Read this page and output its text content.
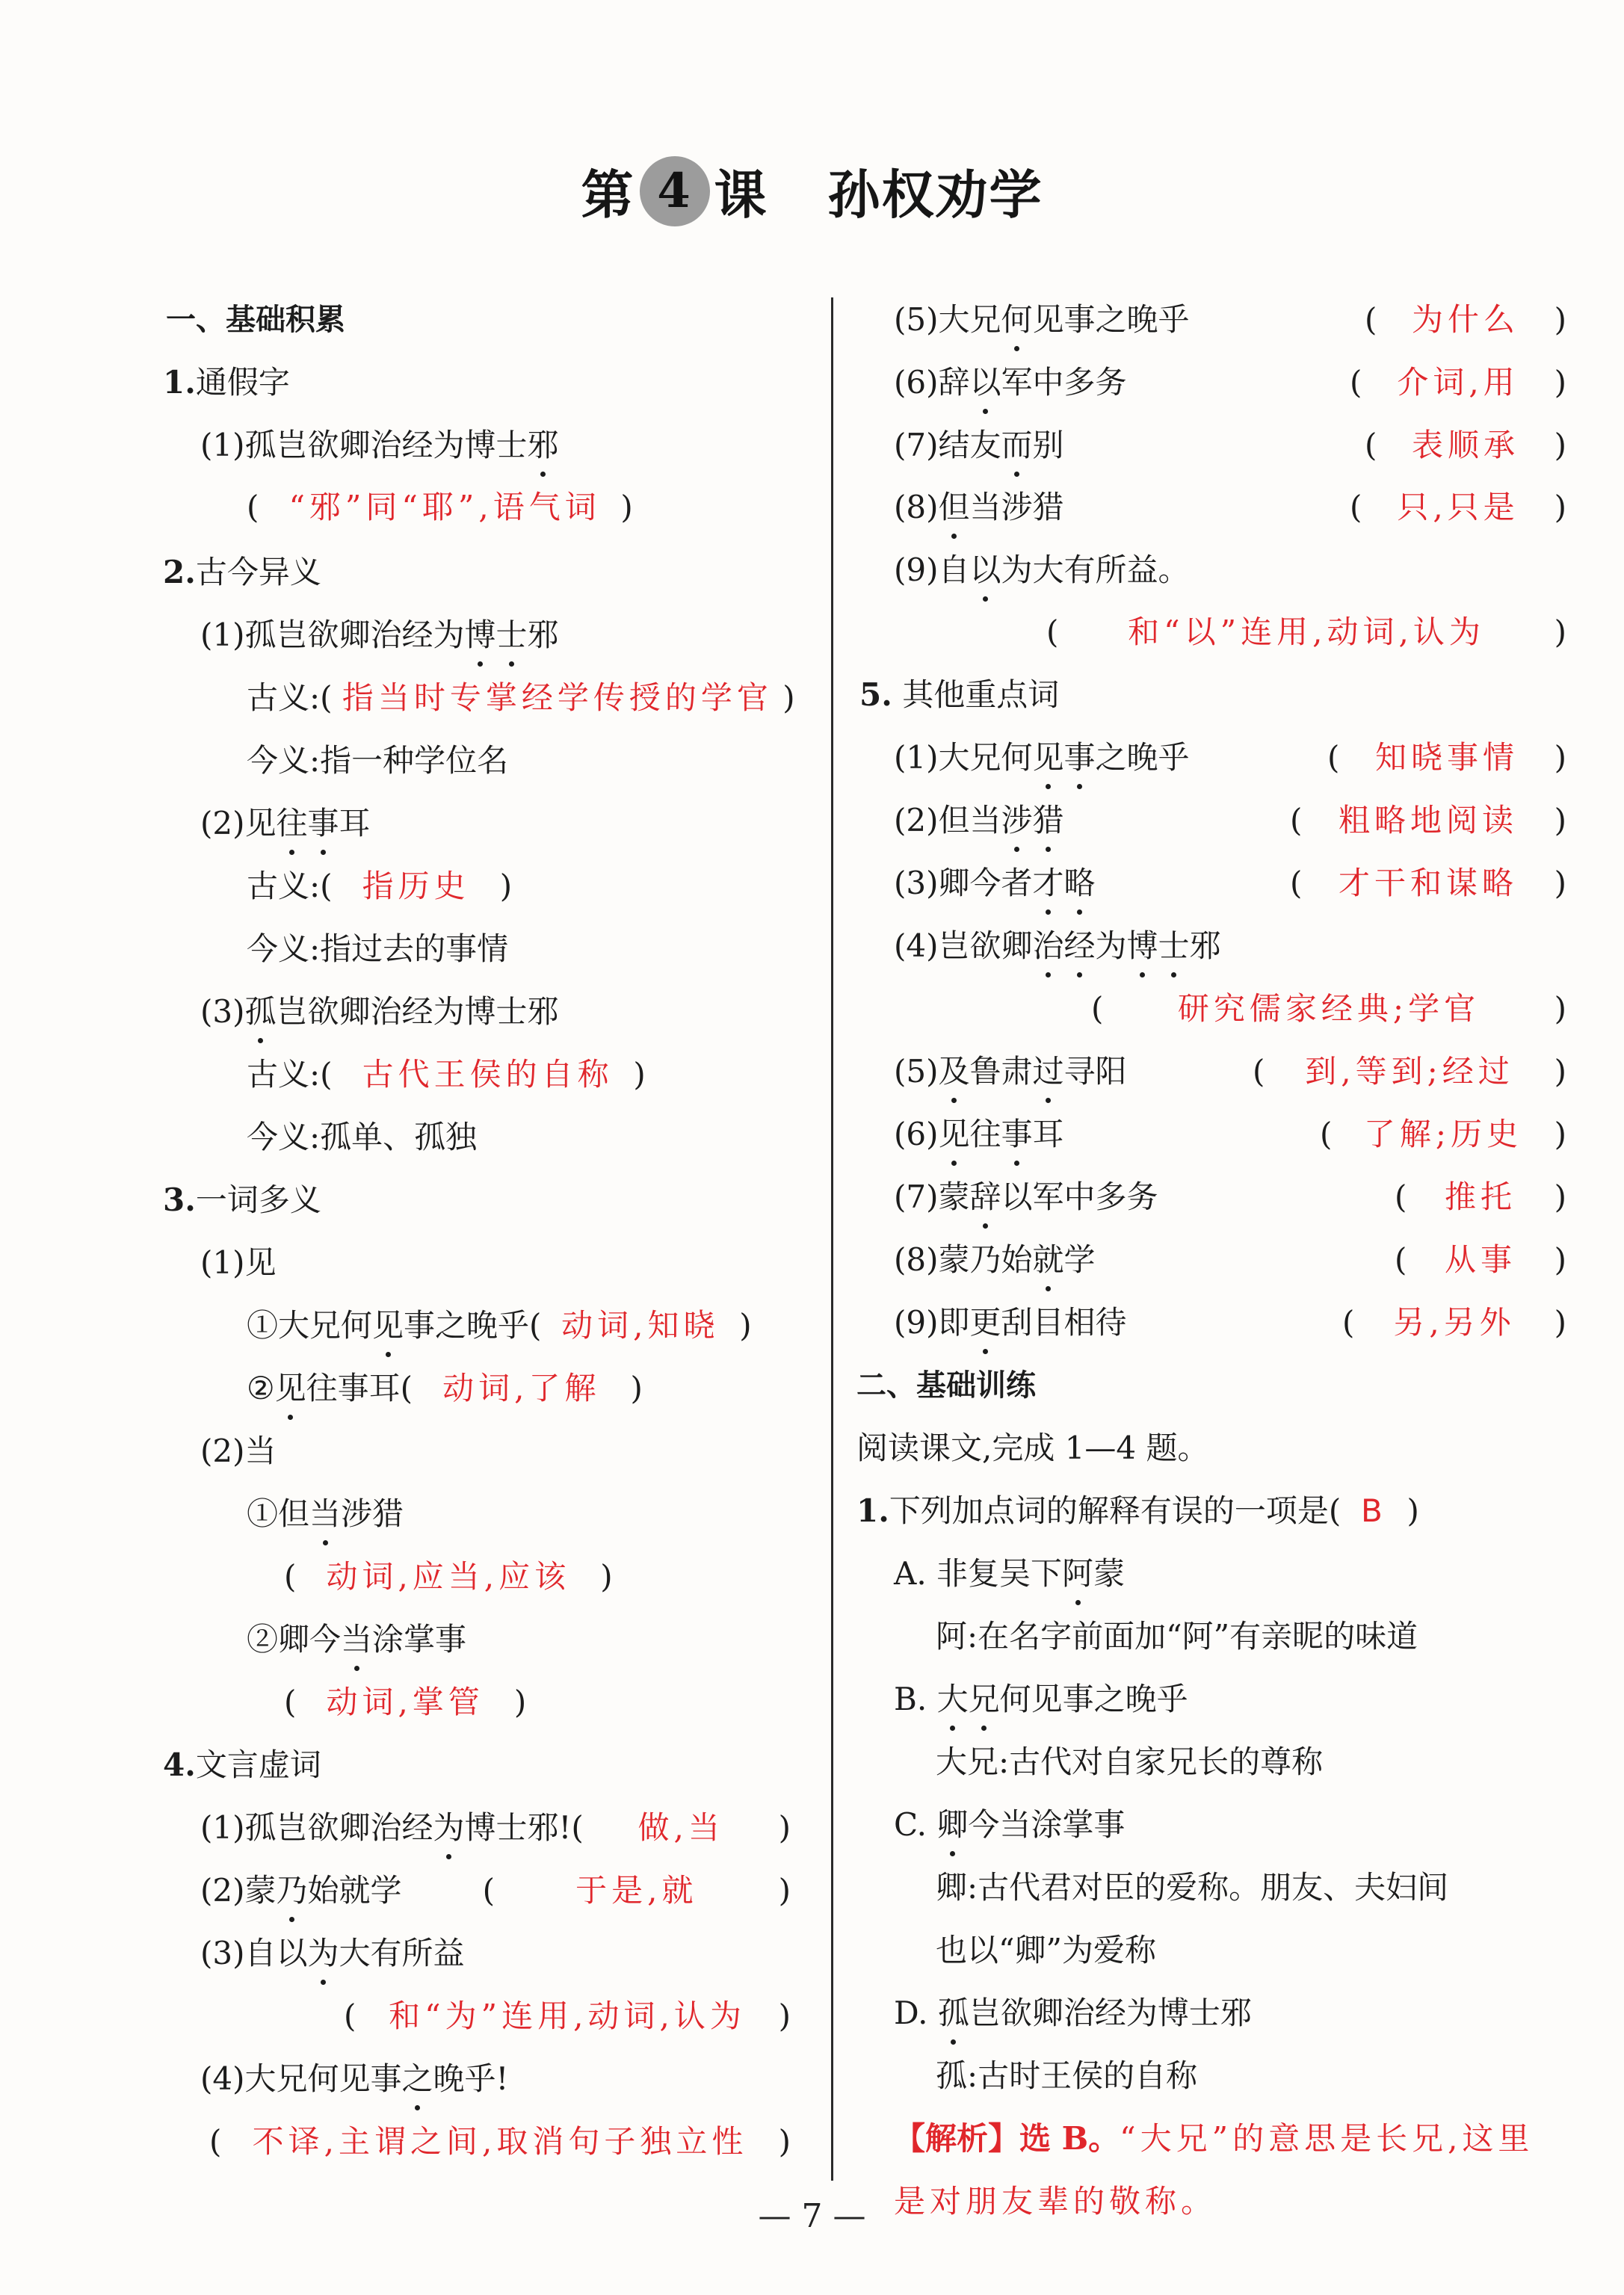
第 4 课 孙权劝学
一、基础积累
1.通假字
(1)孤岂欲卿治经为博士邪
( “邪”同“耶”,语气词 )
2.古今异义
(1)孤岂欲卿治经为博士邪
古义:( 指当时专掌经学传授的学官 )
今义:指一种学位名
(2)见往事耳
古义:( 指历史 )
今义:指过去的事情
(3)孤岂欲卿治经为博士邪
古义:( 古代王侯的自称 )
今义:孤单、孤独
3.一词多义
(1)见
①大兄何见事之晚乎( 动词,知晓 )
②见往事耳( 动词,了解 )
(2)当
①但当涉猎
( 动词,应当,应该 )
②卿今当涂掌事
( 动词,掌管 )
4.文言虚词
(1)孤岂欲卿治经为博士邪!( 做,当 )
(2)蒙乃始就学	(	于是,就	)
(3)自以为大有所益
( 和“为”连用,动词,认为 )
(4)大兄何见事之晚乎!
( 不译,主谓之间,取消句子独立性 )
(5)大兄何见事之晚乎	( 为什么 )
(6)辞以军中多务	( 介词,用 )
(7)结友而别	( 表顺承 )
(8)但当涉猎	( 只,只是 )
(9)自以为大有所益。
( 和“以”连用,动词,认为 )
5. 其他重点词
(1)大兄何见事之晚乎	( 知晓事情 )
(2)但当涉猎	( 粗略地阅读 )
(3)卿今者才略	( 才干和谋略 )
(4)岂欲卿治经为博士邪
( 研究儒家经典;学官 )
(5)及鲁肃过寻阳	( 到,等到;经过 )
(6)见往事耳	( 了解;历史 )
(7)蒙辞以军中多务	( 推托 )
(8)蒙乃始就学	( 从事 )
(9)即更刮目相待	( 另,另外 )
二、基础训练
阅读课文,完成 1—4 题。
1.下列加点词的解释有误的一项是( B )
A. 非复吴下阿蒙
阿:在名字前面加“阿”有亲昵的味道
B. 大兄何见事之晚乎
大兄:古代对自家兄长的尊称
C. 卿今当涂掌事
卿:古代君对臣的爱称。朋友、夫妇间
也以“卿”为爱称
D. 孤岂欲卿治经为博士邪
孤:古时王侯的自称
【解析】选 B。“大兄”的意思是长兄,这里
是对朋友辈的敬称。
— 7 —
